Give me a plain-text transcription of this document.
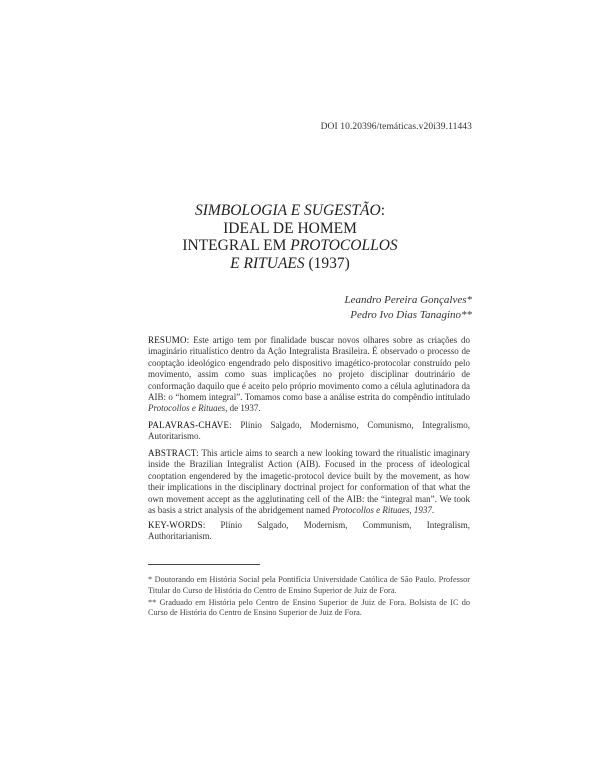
DOI 10.20396/temáticas.v20i39.11443
SIMBOLOGIA E SUGESTÃO:
IDEAL DE HOMEM
INTEGRAL EM PROTOCOLLOS
E RITUAES (1937)
Leandro Pereira Gonçalves*
Pedro Ivo Dias Tanagino**
RESUMO: Este artigo tem por finalidade buscar novos olhares sobre as criações do imaginário ritualístico dentro da Ação Integralista Brasileira. É observado o processo de cooptação ideológico engendrado pelo dispositivo imagético-protocolar construído pelo movimento, assim como suas implicações no projeto disciplinar doutrinário de conformação daquilo que é aceito pelo próprio movimento como a célula aglutinadora da AIB: o “homem integral”. Tomamos como base a análise estrita do compêndio intitulado Protocollos e Rituaes, de 1937.
PALAVRAS-CHAVE: Plínio Salgado, Modernismo, Comunismo, Integralismo, Autoritarismo.
ABSTRACT: This article aims to search a new looking toward the ritualistic imaginary inside the Brazilian Integralist Action (AIB). Focused in the process of ideological cooptation engendered by the imagetic-protocol device built by the movement, as how their implications in the disciplinary doctrinal project for conformation of that what the own movement accept as the agglutinating cell of the AIB: the “integral man”. We took as basis a strict analysis of the abridgement named Protocollos e Rituaes, 1937.
KEY-WORDS: Plínio Salgado, Modernism, Communism, Integralism, Authoritarianism.

* Doutorando em História Social pela Pontifícia Universidade Católica de São Paulo. Professor Titular do Curso de História do Centro de Ensino Superior de Juiz de Fora.

** Graduado em História pelo Centro de Ensino Superior de Juiz de Fora. Bolsista de IC do Curso de História do Centro de Ensino Superior de Juiz de Fora.
